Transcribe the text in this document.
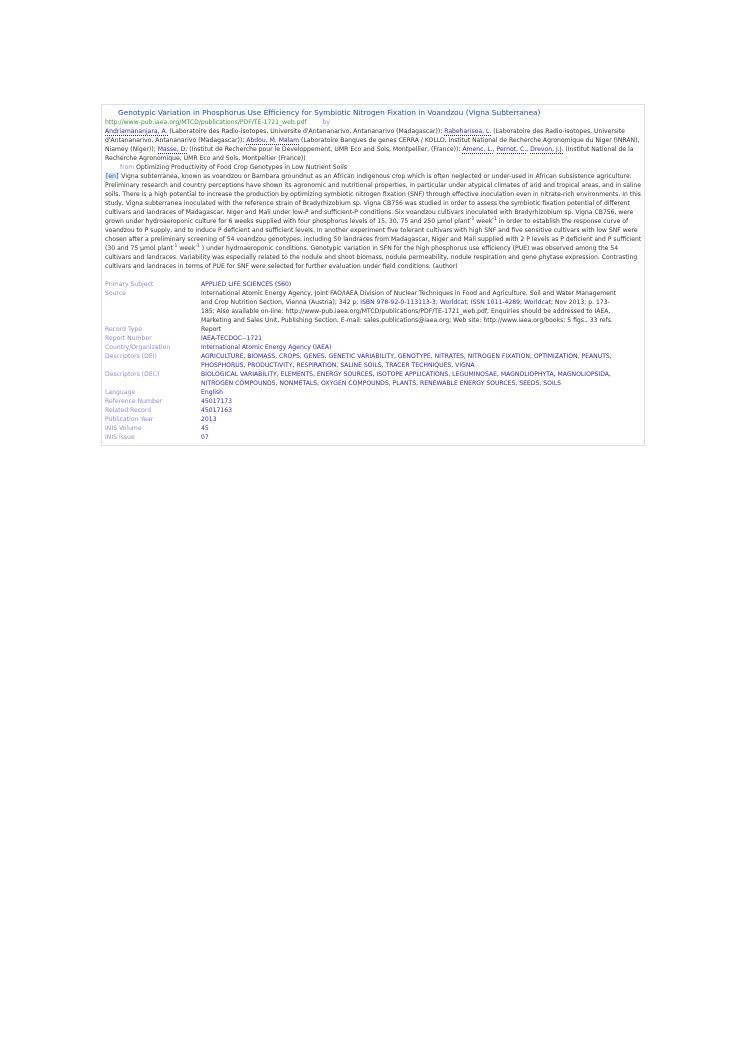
Genotypic Variation in Phosphorus Use Efficiency for Symbiotic Nitrogen Fixation in Voandzou (Vigna Subterranea)

http://www-pub.iaea.org/MTCD/publications/PDF/TE-1721_web.pdf	by

Andriamananjara, A. (Laboratoire des Radio-isotopes, Universite d'Antananarivo, Antananarivo (Madagascar)); Rabeharisoa, L. (Laboratoire des Radio-isotopes, Universite d'Antananarivo, Antananarivo (Madagascar)); Abdou, M. Malam (Laboratoire Banques de genes CERRA / KOLLO, Institut National de Recherche Agronomique du Niger (INRAN), Niamey (Niger)); Masse, D. (Institut de Recherche pour le Developpement, UMR Eco and Sols, Montpellier, (France)); Amenc, L., Pernot, C., Drevon, J.J. (Institut National de la Recherche Agronomique, UMR Eco and Sols, Montpellier (France))

from Optimizing Productivity of Food Crop Genotypes in Low Nutrient Soils

[en] Vigna subterranea, known as voandzou or Bambara groundnut as an African indigenous crop which is often neglected or under-used in African subsistence agriculture. Preliminary research and country perceptions have shown its agronomic and nutritional properties, in particular under atypical climates of arid and tropical areas, and in saline soils. There is a high potential to increase the production by optimizing symbiotic nitrogen fixation (SNF) through effective inoculation even in nitrate-rich environments. In this study, Vigna subterranea inoculated with the reference strain of Bradyrhizobium sp. Vigna CB756 was studied in order to assess the symbiotic fixation potential of different cultivars and landraces of Madagascar, Niger and Mali under low-P and sufficient-P conditions. Six voandzou cultivars inoculated with Bradyrhizobium sp. Vigna CB756, were grown under hydroaeroponic culture for 6 weeks supplied with four phosphorus levels of 15, 30, 75 and 250 µmol plant$^{-1}$ week$^{-1}$ in order to establish the response curve of voandzou to P supply, and to induce P deficient and sufficient levels. In another experiment five tolerant cultivars with high SNF and five sensitive cultivars with low SNF were chosen after a preliminary screening of 54 voandzou genotypes, including 50 landraces from Madagascar, Niger and Mali supplied with 2 P levels as P deficient and P sufficient (30 and 75 µmol plant$^{-1}$ week$^{-1}$ ) under hydroaeroponic conditions. Genotypic variation in SFN for the high phosphorus use efficiency (PUE) was observed among the 54 cultivars and landraces. Variability was especially related to the nodule and shoot biomass, nodule permeability, nodule respiration and gene phytase expression. Contrasting cultivars and landraces in terms of PUE for SNF were selected for further evaluation under field conditions. (author)

Primary Subject	APPLIED LIFE SCIENCES (S60)
Source	International Atomic Energy Agency, Joint FAO/IAEA Division of Nuclear Techniques in Food and Agriculture, Soil and Water Management and Crop Nutrition Section, Vienna (Austria); 342 p; ISBN 978-92-0-113113-3; Worldcat; ISSN 1011-4289; Worldcat; Nov 2013; p. 173-185; Also available on-line: http://www-pub.iaea.org/MTCD/publications/PDF/TE-1721_web.pdf; Enquiries should be addressed to IAEA, Marketing and Sales Unit, Publishing Section, E-mail: sales.publications@iaea.org; Web site: http://www.iaea.org/books; 5 figs., 33 refs.
Record Type	Report
Report Number	IAEA-TECDOC--1721
Country/Organization	International Atomic Energy Agency (IAEA)
Descriptors (DEI)	AGRICULTURE, BIOMASS, CROPS, GENES, GENETIC VARIABILITY, GENOTYPE, NITRATES, NITROGEN FIXATION, OPTIMIZATION, PEANUTS, PHOSPHORUS, PRODUCTIVITY, RESPIRATION, SALINE SOILS, TRACER TECHNIQUES, VIGNA
Descriptors (DEC)	BIOLOGICAL VARIABILITY, ELEMENTS, ENERGY SOURCES, ISOTOPE APPLICATIONS, LEGUMINOSAE, MAGNOLIOPHYTA, MAGNOLIOPSIDA, NITROGEN COMPOUNDS, NONMETALS, OXYGEN COMPOUNDS, PLANTS, RENEWABLE ENERGY SOURCES, SEEDS, SOILS
Language	English
Reference Number	45017173
Related Record	45017163
Publication Year	2013
INIS Volume	45
INIS Issue	07
